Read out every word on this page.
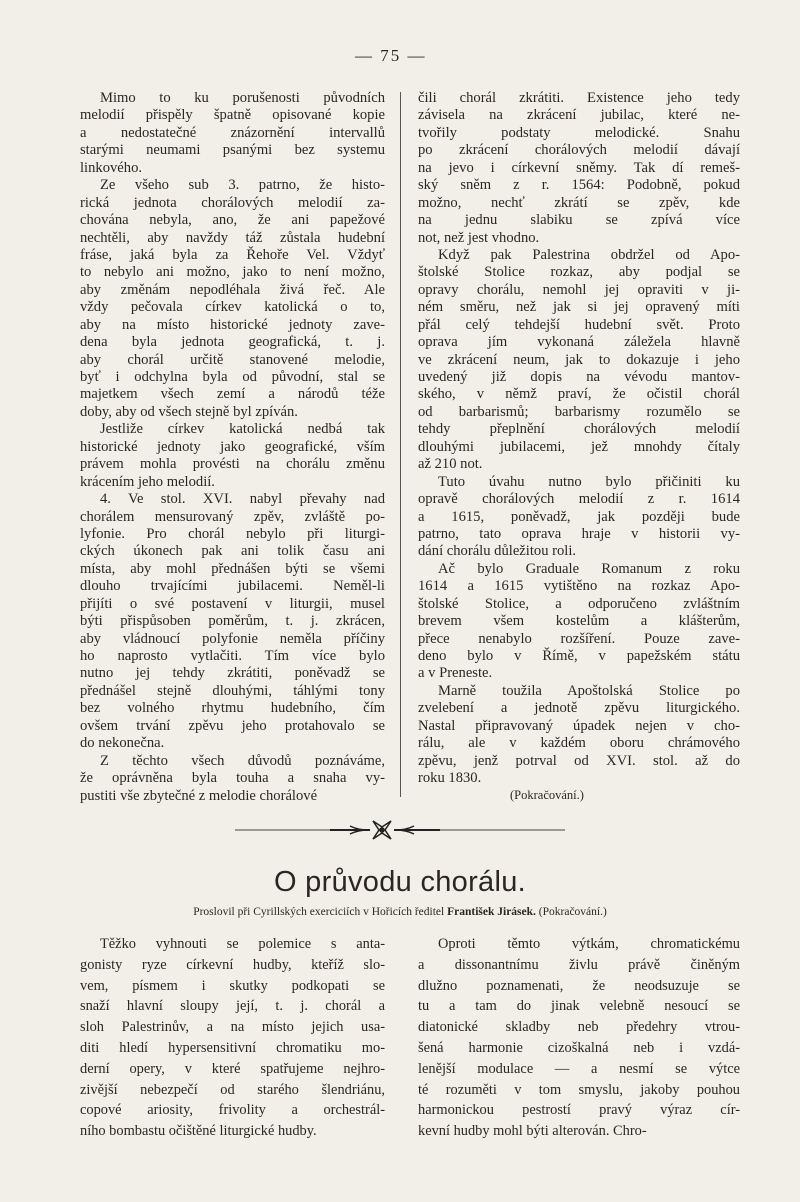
— 75 —
Mimo to ku porušenosti původních
melodií přispěly špatně opisované kopie
a nedostatečné znázornění intervallů
starými neumami psanými bez systemu
linkového.
Ze všeho sub 3. patrno, že histo-
rická jednota chorálových melodií za-
chována nebyla, ano, že ani papežové
nechtěli, aby navždy táž zůstala hudební
fráse, jaká byla za Řehoře Vel. Vždyť
to nebylo ani možno, jako to není možno,
aby změnám nepodléhala živá řeč. Ale
vždy pečovala církev katolická o to,
aby na místo historické jednoty zave-
dena byla jednota geografická, t. j.
aby chorál určitě stanovené melodie,
byť i odchylna byla od původní, stal se
majetkem všech zemí a národů téže
doby, aby od všech stejně byl zpíván.
Jestliže církev katolická nedbá tak
historické jednoty jako geografické, vším
právem mohla provésti na chorálu změnu
krácením jeho melodií.
4. Ve stol. XVI. nabyl převahy nad
chorálem mensurovaný zpěv, zvláště po-
lyfonie. Pro chorál nebylo při liturgi-
ckých úkonech pak ani tolik času ani
místa, aby mohl přednášen býti se všemi
dlouho trvajícími jubilacemi. Neměl-li
přijíti o své postavení v liturgii, musel
býti přispůsoben poměrům, t. j. zkrácen,
aby vládnoucí polyfonie neměla příčiny
ho naprosto vytlačiti. Tím více bylo
nutno jej tehdy zkrátiti, poněvadž se
přednášel stejně dlouhými, táhlými tony
bez volného rhytmu hudebního, čím
ovšem trvání zpěvu jeho protahovalo se
do nekonečna.
Z těchto všech důvodů poznáváme,
že oprávněna byla touha a snaha vy-
pustiti vše zbytečné z melodie chorálové
čili chorál zkrátiti. Existence jeho tedy
závisela na zkrácení jubilac, které ne-
tvořily podstaty melodické. Snahu
po zkrácení chorálových melodií dávají
na jevo i církevní sněmy. Tak dí remeš-
ský sněm z r. 1564: Podobně, pokud
možno, nechť zkrátí se zpěv, kde
na jednu slabiku se zpívá více
not, než jest vhodno.
Když pak Palestrina obdržel od Apo-
štolské Stolice rozkaz, aby podjal se
opravy chorálu, nemohl jej opraviti v ji-
ném směru, než jak si jej opravený míti
přál celý tehdejší hudební svět. Proto
oprava jím vykonaná záležela hlavně
ve zkrácení neum, jak to dokazuje i jeho
uvedený již dopis na vévodu mantov-
ského, v němž praví, že očistil chorál
od barbarismů; barbarismy rozumělo se
tehdy přeplnění chorálových melodií
dlouhými jubilacemi, jež mnohdy čítaly
až 210 not.
Tuto úvahu nutno bylo přičiniti ku
opravě chorálových melodií z r. 1614
a 1615, poněvadž, jak později bude
patrno, tato oprava hraje v historii vy-
dání chorálu důležitou roli.
Ač bylo Graduale Romanum z roku
1614 a 1615 vytištěno na rozkaz Apo-
štolské Stolice, a odporučeno zvláštním
brevem všem kostelům a klášterům,
přece nenabylo rozšíření. Pouze zave-
deno bylo v Římě, v papežském státu
a v Preneste.
Marně toužila Apoštolská Stolice po
zvelebení a jednotě zpěvu liturgického.
Nastal připravovaný úpadek nejen v cho-
rálu, ale v každém oboru chrámového
zpěvu, jenž potrval od XVI. stol. až do
roku 1830.
(Pokračování.)
O průvodu chorálu.
Proslovil při Cyrillských exerciciích v Hořicích ředitel František Jirásek. (Pokračování.)
Těžko vyhnouti se polemice s anta-
gonisty ryze církevní hudby, kteříž slo-
vem, písmem i skutky podkopati se
snaží hlavní sloupy její, t. j. chorál a
sloh Palestrinův, a na místo jejich usa-
diti hledí hypersensitivní chromatiku mo-
derní opery, v které spatřujeme nejhro-
zivější nebezpečí od starého šlendriánu,
copové ariosity, frivolity a orchestrál-
ního bombastu očištěné liturgické hudby.
Oproti těmto výtkám, chromatickému
a dissonantnímu živlu právě činěným
dlužno poznamenati, že neodsuzuje se
tu a tam do jinak velebně nesoucí se
diatonické skladby neb předehry vtrou-
šená harmonie cizoškalná neb i vzdá-
lenější modulace — a nesmí se výtce
té rozuměti v tom smyslu, jakoby pouhou
harmonickou pestrostí pravý výraz cír-
kevní hudby mohl býti alterován. Chro-
